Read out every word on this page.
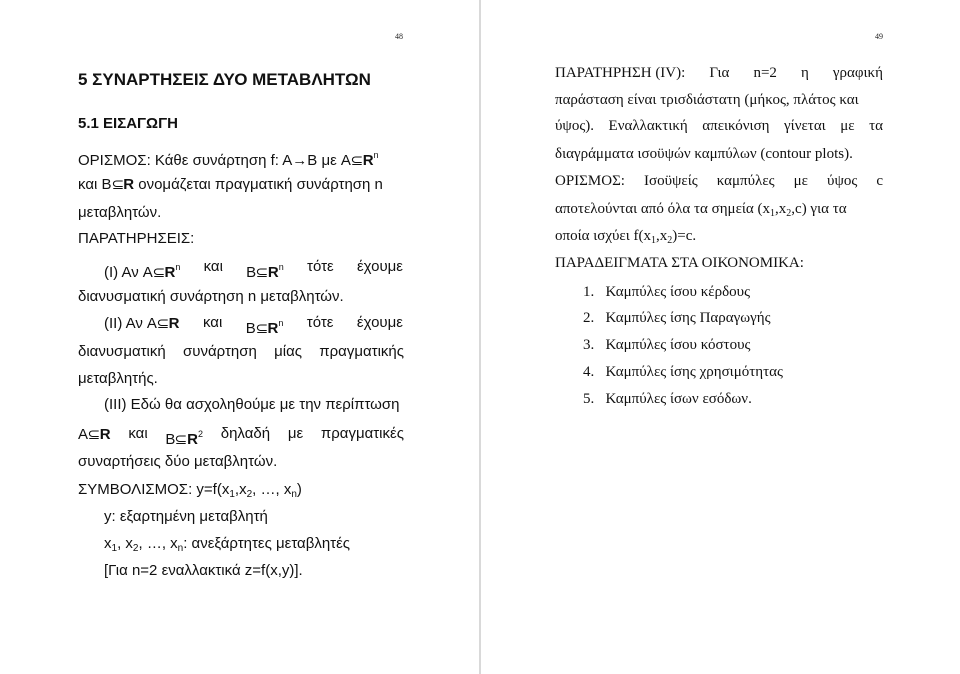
48
5 ΣΥΝΑΡΤΗΣΕΙΣ ΔΥΟ ΜΕΤΑΒΛΗΤΩΝ
5.1 ΕΙΣΑΓΩΓΗ
ΟΡΙΣΜΟΣ: Κάθε συνάρτηση f: A→B με $A⊆R^n$
και B⊆R ονομάζεται πραγματική συνάρτηση n
μεταβλητών.
ΠΑΡΑΤΗΡΗΣΕΙΣ:
(Ι) Αν $A⊆R^n$ και $B⊆R^n$ τότε έχουμε
διανυσματική συνάρτηση n μεταβλητών.
(ΙΙ) Αν A⊆R και $B⊆R^n$ τότε έχουμε
διανυσματική συνάρτηση μίας πραγματικής
μεταβλητής.
(ΙΙΙ) Εδώ θα ασχοληθούμε με την περίπτωση
A⊆R και $B⊆R^2$ δηλαδή με πραγματικές
συναρτήσεις δύο μεταβλητών.
ΣΥΜΒΟΛΙΣΜΟΣ: $y=f(x_1,x_2$, …, $x_n$)
y: εξαρτημένη μεταβλητή
$x_1$, $x_2$, …, $x_n$: ανεξάρτητες μεταβλητές
[Για n=2 εναλλακτικά z=f(x,y)].
49
ΠΑΡΑΤΗΡΗΣΗ (IV): Για n=2 η γραφική
παράσταση είναι τρισδιάστατη (μήκος, πλάτος και
ύψος). Εναλλακτική απεικόνιση γίνεται με τα
διαγράμματα ισοϋψών καμπύλων (contour plots).
ΟΡΙΣΜΟΣ: Ισοϋψείς καμπύλες με ύψος c
αποτελούνται από όλα τα σημεία $(x_1,x_2,c)$ για τα
οποία ισχύει $f(x_1,x_2)=c$.
ΠΑΡΑΔΕΙΓΜΑΤΑ ΣΤΑ ΟΙΚΟΝΟΜΙΚΑ:
1. Καμπύλες ίσου κέρδους
2. Καμπύλες ίσης Παραγωγής
3. Καμπύλες ίσου κόστους
4. Καμπύλες ίσης χρησιμότητας
5. Καμπύλες ίσων εσόδων.
